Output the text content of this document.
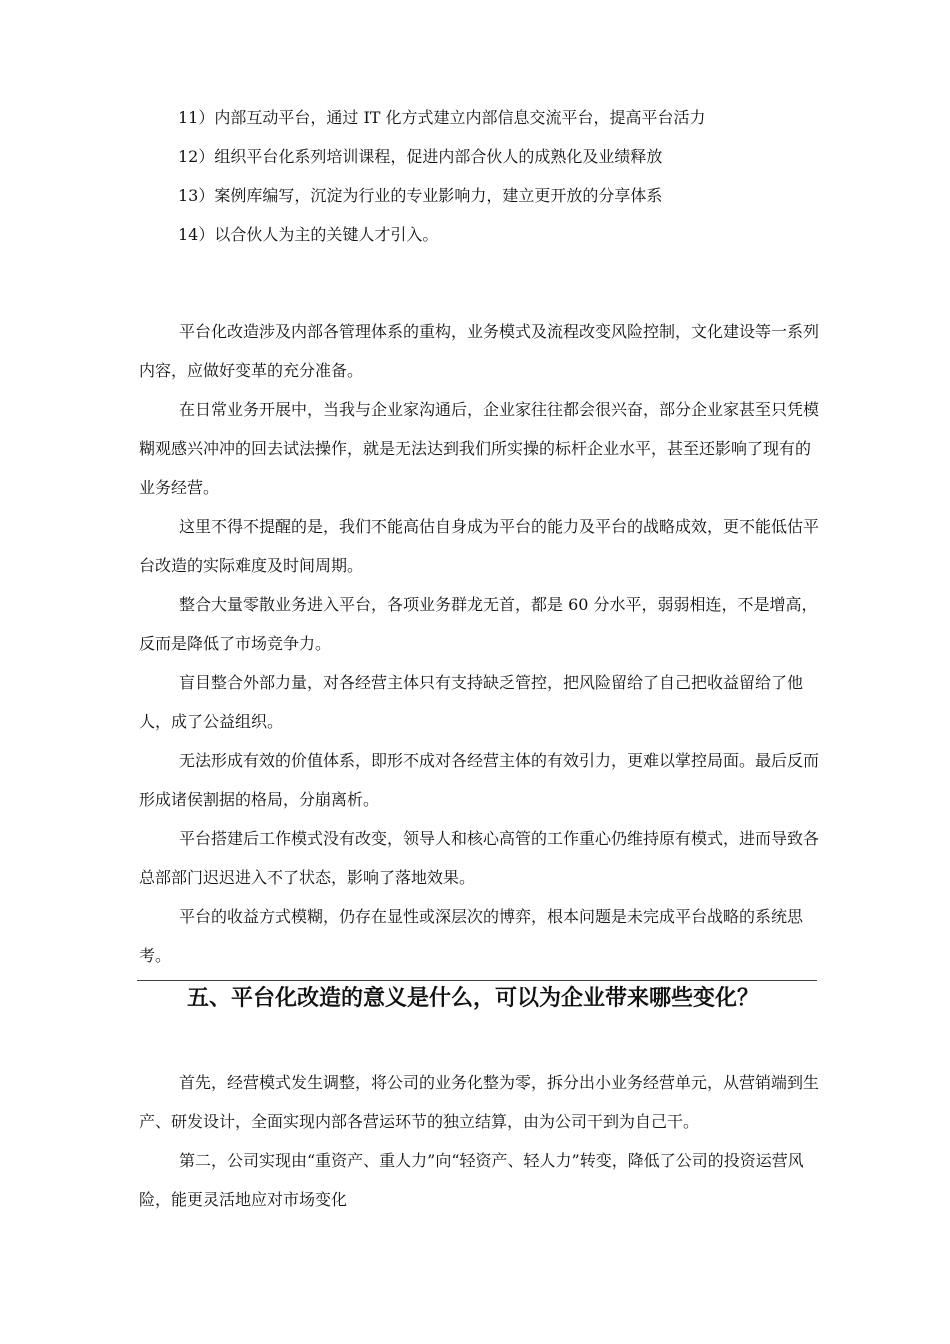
11）内部互动平台，通过 IT 化方式建立内部信息交流平台，提高平台活力
12）组织平台化系列培训课程，促进内部合伙人的成熟化及业绩释放
13）案例库编写，沉淀为行业的专业影响力，建立更开放的分享体系
14）以合伙人为主的关键人才引入。

平台化改造涉及内部各管理体系的重构，业务模式及流程改变风险控制，文化建设等一系列内容，应做好变革的充分准备。

在日常业务开展中，当我与企业家沟通后，企业家往往都会很兴奋，部分企业家甚至只凭模糊观感兴冲冲的回去试法操作，就是无法达到我们所实操的标杆企业水平，甚至还影响了现有的业务经营。

这里不得不提醒的是，我们不能高估自身成为平台的能力及平台的战略成效，更不能低估平台改造的实际难度及时间周期。

整合大量零散业务进入平台，各项业务群龙无首，都是 60 分水平，弱弱相连，不是增高，反而是降低了市场竞争力。

盲目整合外部力量，对各经营主体只有支持缺乏管控，把风险留给了自己把收益留给了他人，成了公益组织。

无法形成有效的价值体系，即形不成对各经营主体的有效引力，更难以掌控局面。最后反而形成诸侯割据的格局，分崩离析。

平台搭建后工作模式没有改变，领导人和核心高管的工作重心仍维持原有模式，进而导致各总部部门迟迟进入不了状态，影响了落地效果。

平台的收益方式模糊，仍存在显性或深层次的博弈，根本问题是未完成平台战略的系统思考。

五、平台化改造的意义是什么，可以为企业带来哪些变化？

首先，经营模式发生调整，将公司的业务化整为零，拆分出小业务经营单元，从营销端到生产、研发设计，全面实现内部各营运环节的独立结算，由为公司干到为自己干。

第二，公司实现由“重资产、重人力”向“轻资产、轻人力”转变，降低了公司的投资运营风险，能更灵活地应对市场变化
